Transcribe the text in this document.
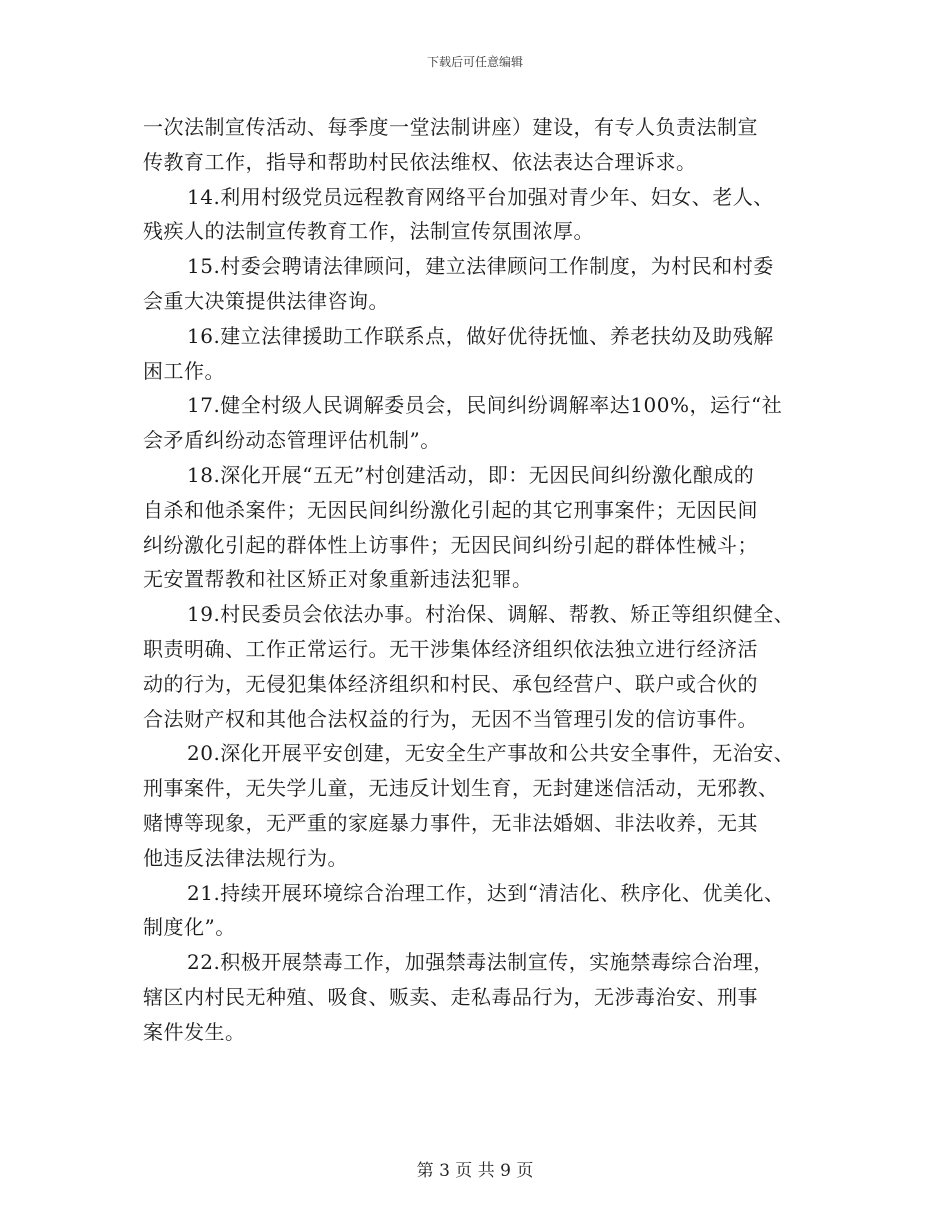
下载后可任意编辑

一次法制宣传活动、每季度一堂法制讲座）建设，有专人负责法制宣
传教育工作，指导和帮助村民依法维权、依法表达合理诉求。

14.利用村级党员远程教育网络平台加强对青少年、妇女、老人、
残疾人的法制宣传教育工作，法制宣传氛围浓厚。

15.村委会聘请法律顾问，建立法律顾问工作制度，为村民和村委
会重大决策提供法律咨询。

16.建立法律援助工作联系点，做好优待抚恤、养老扶幼及助残解
困工作。

17.健全村级人民调解委员会，民间纠纷调解率达100%，运行“社
会矛盾纠纷动态管理评估机制”。

18.深化开展“五无”村创建活动，即：无因民间纠纷激化酿成的
自杀和他杀案件；无因民间纠纷激化引起的其它刑事案件；无因民间
纠纷激化引起的群体性上访事件；无因民间纠纷引起的群体性械斗；
无安置帮教和社区矫正对象重新违法犯罪。

19.村民委员会依法办事。村治保、调解、帮教、矫正等组织健全、
职责明确、工作正常运行。无干涉集体经济组织依法独立进行经济活
动的行为，无侵犯集体经济组织和村民、承包经营户、联户或合伙的
合法财产权和其他合法权益的行为，无因不当管理引发的信访事件。

20.深化开展平安创建，无安全生产事故和公共安全事件，无治安、
刑事案件，无失学儿童，无违反计划生育，无封建迷信活动，无邪教、
赌博等现象，无严重的家庭暴力事件，无非法婚姻、非法收养，无其
他违反法律法规行为。

21.持续开展环境综合治理工作，达到“清洁化、秩序化、优美化、
制度化”。

22.积极开展禁毒工作，加强禁毒法制宣传，实施禁毒综合治理，
辖区内村民无种殖、吸食、贩卖、走私毒品行为，无涉毒治安、刑事
案件发生。

第 3 页 共 9 页
